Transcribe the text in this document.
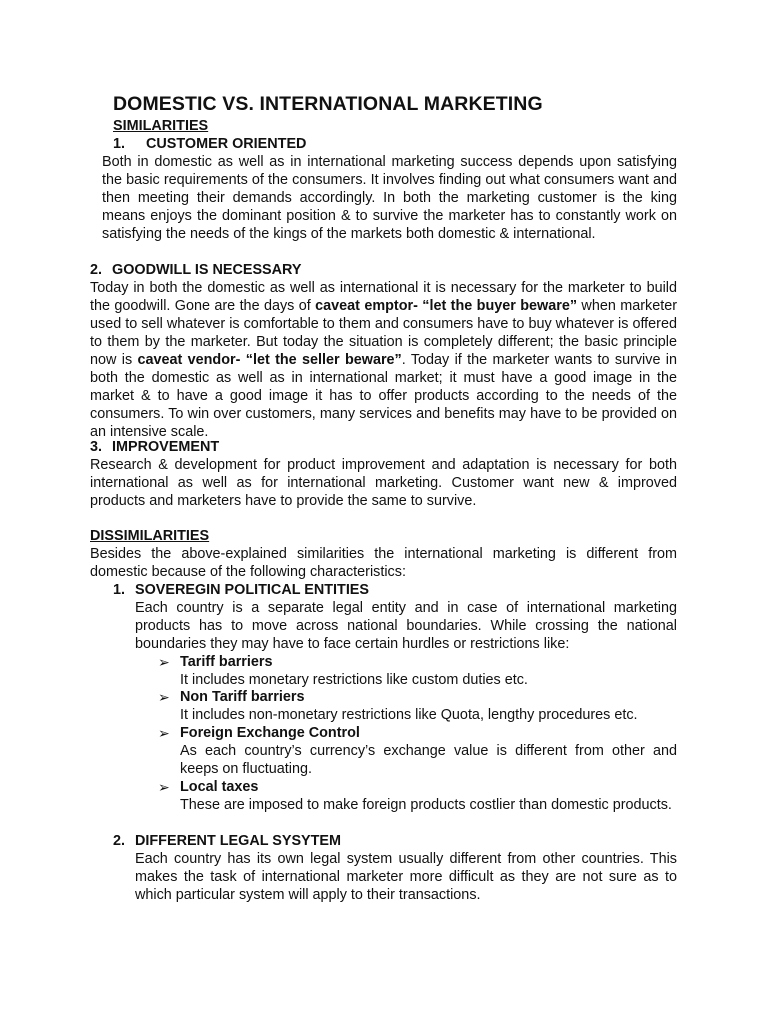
DOMESTIC VS. INTERNATIONAL MARKETING
SIMILARITIES
1. CUSTOMER ORIENTED
Both in domestic as well as in international marketing success depends upon satisfying the basic requirements of the consumers. It involves finding out what consumers want and then meeting their demands accordingly. In both the marketing customer is the king means enjoys the dominant position & to survive the marketer has to constantly work on satisfying the needs of the kings of the markets both domestic & international.
2. GOODWILL IS NECESSARY
Today in both the domestic as well as international it is necessary for the marketer to build the goodwill. Gone are the days of caveat emptor- “let the buyer beware” when marketer used to sell whatever is comfortable to them and consumers have to buy whatever is offered to them by the marketer. But today the situation is completely different; the basic principle now is caveat vendor- “let the seller beware”. Today if the marketer wants to survive in both the domestic as well as in international market; it must have a good image in the market & to have a good image it has to offer products according to the needs of the consumers. To win over customers, many services and benefits may have to be provided on an intensive scale.
3. IMPROVEMENT
Research & development for product improvement and adaptation is necessary for both international as well as for international marketing. Customer want new & improved products and marketers have to provide the same to survive.
DISSIMILARITIES
Besides the above-explained similarities the international marketing is different from domestic because of the following characteristics:
1. SOVEREGIN POLITICAL ENTITIES
Each country is a separate legal entity and in case of international marketing products has to move across national boundaries. While crossing the national boundaries they may have to face certain hurdles or restrictions like:
➢ Tariff barriers
It includes monetary restrictions like custom duties etc.
➢ Non Tariff barriers
It includes non-monetary restrictions like Quota, lengthy procedures etc.
➢ Foreign Exchange Control
As each country’s currency’s exchange value is different from other and keeps on fluctuating.
➢ Local taxes
These are imposed to make foreign products costlier than domestic products.
2. DIFFERENT LEGAL SYSYTEM
Each country has its own legal system usually different from other countries. This makes the task of international marketer more difficult as they are not sure as to which particular system will apply to their transactions.
